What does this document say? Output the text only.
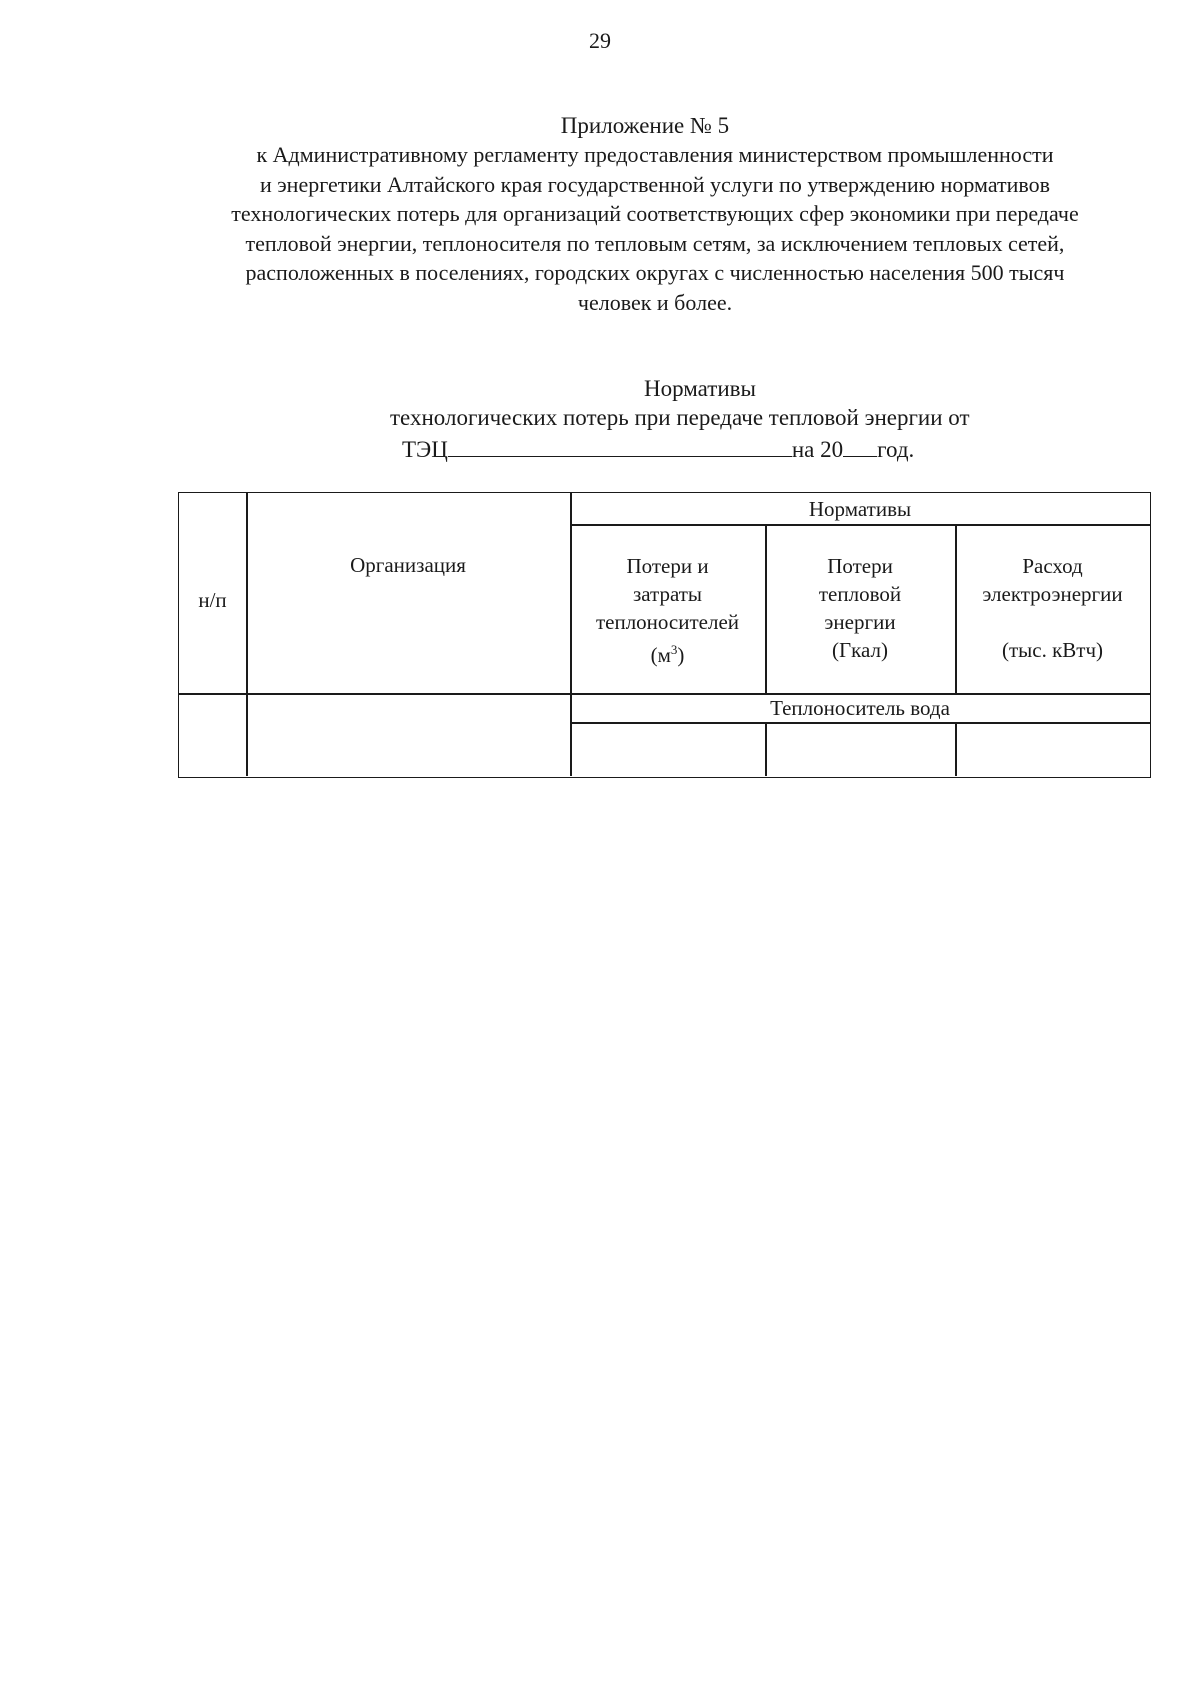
29
Приложение № 5
к Административному регламенту предоставления министерством промышленности
и энергетики Алтайского края государственной услуги по утверждению нормативов
технологических потерь для организаций соответствующих сфер экономики при передаче
тепловой энергии, теплоносителя по тепловым сетям, за исключением тепловых сетей,
расположенных в поселениях, городских округах с численностью населения 500 тысяч
человек и более.
Нормативы
технологических потерь при передаче тепловой энергии от
ТЭЦ	на 20 год.
н/п
Организация
Нормативы
Потери и
затраты
теплоносителей
$(м^3)$
Потери
тепловой
энергии
(Гкал)
Расход
электроэнергии
(тыс. кВтч)
Теплоноситель вода
